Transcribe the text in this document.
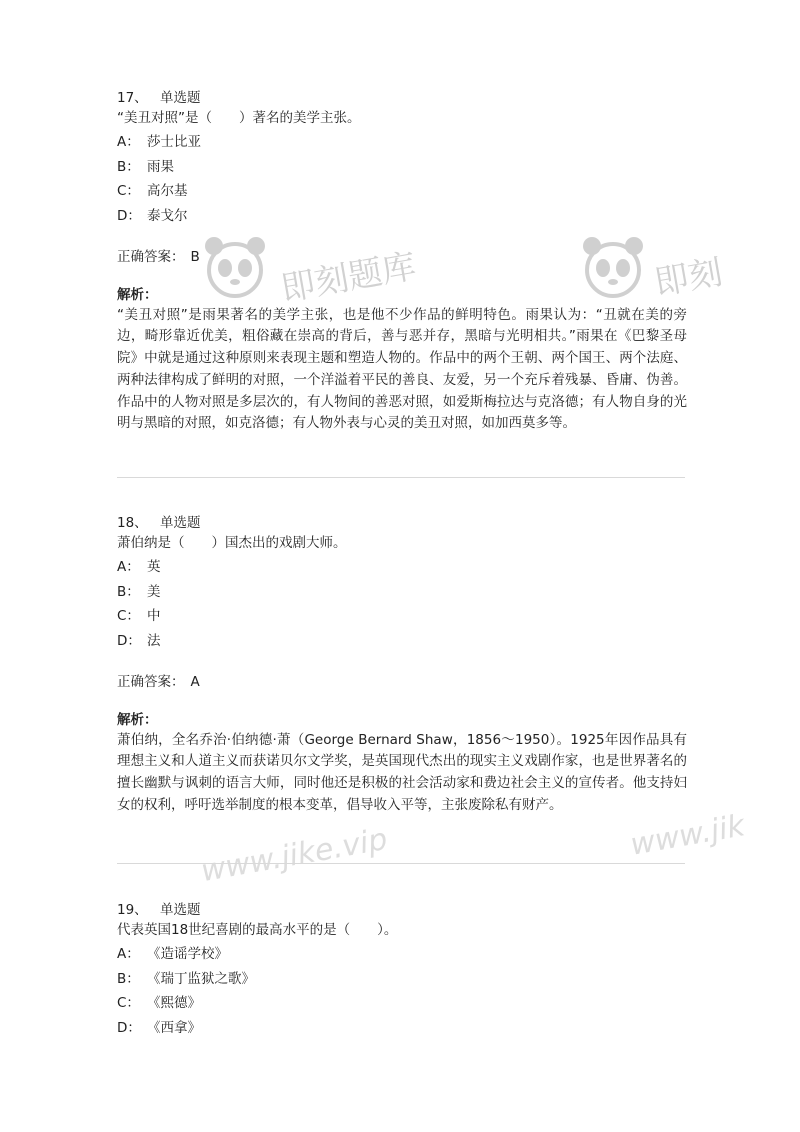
即刻题库	即刻
www.jike.vip	www.jik
17、 单选题
“美丑对照”是（　　）著名的美学主张。
A： 莎士比亚
B： 雨果
C： 高尔基
D： 泰戈尔
正确答案： B
解析：
“美丑对照”是雨果著名的美学主张，也是他不少作品的鲜明特色。雨果认为：“丑就在美的旁边，畸形靠近优美，粗俗藏在崇高的背后，善与恶并存，黑暗与光明相共。”雨果在《巴黎圣母院》中就是通过这种原则来表现主题和塑造人物的。作品中的两个王朝、两个国王、两个法庭、两种法律构成了鲜明的对照，一个洋溢着平民的善良、友爱，另一个充斥着残暴、昏庸、伪善。作品中的人物对照是多层次的，有人物间的善恶对照，如爱斯梅拉达与克洛德；有人物自身的光明与黑暗的对照，如克洛德；有人物外表与心灵的美丑对照，如加西莫多等。
18、 单选题
萧伯纳是（　　）国杰出的戏剧大师。
A： 英
B： 美
C： 中
D： 法
正确答案： A
解析：
萧伯纳，全名乔治·伯纳德·萧（George Bernard Shaw，1856～1950）。1925年因作品具有理想主义和人道主义而获诺贝尔文学奖，是英国现代杰出的现实主义戏剧作家，也是世界著名的擅长幽默与讽刺的语言大师，同时他还是积极的社会活动家和费边社会主义的宣传者。他支持妇女的权利，呼吁选举制度的根本变革，倡导收入平等，主张废除私有财产。
19、 单选题
代表英国18世纪喜剧的最高水平的是（　　）。
A： 《造谣学校》
B： 《瑞丁监狱之歌》
C： 《熙德》
D： 《西拿》
